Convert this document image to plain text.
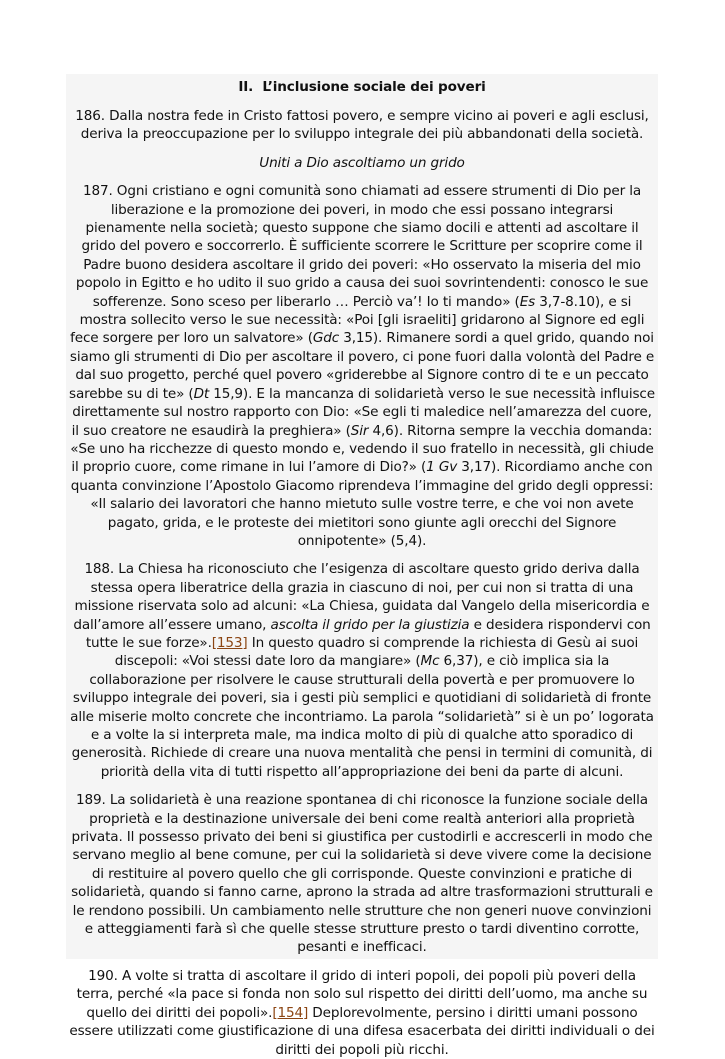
II. L’inclusione sociale dei poveri

186. Dalla nostra fede in Cristo fattosi povero, e sempre vicino ai poveri e agli esclusi, deriva la preoccupazione per lo sviluppo integrale dei più abbandonati della società.

Uniti a Dio ascoltiamo un grido

187. Ogni cristiano e ogni comunità sono chiamati ad essere strumenti di Dio per la liberazione e la promozione dei poveri, in modo che essi possano integrarsi pienamente nella società; questo suppone che siamo docili e attenti ad ascoltare il grido del povero e soccorrerlo. È sufficiente scorrere le Scritture per scoprire come il Padre buono desidera ascoltare il grido dei poveri: «Ho osservato la miseria del mio popolo in Egitto e ho udito il suo grido a causa dei suoi sovrintendenti: conosco le sue sofferenze. Sono sceso per liberarlo … Perciò va’! Io ti mando» (Es 3,7-8.10), e si mostra sollecito verso le sue necessità: «Poi [gli israeliti] gridarono al Signore ed egli fece sorgere per loro un salvatore» (Gdc 3,15). Rimanere sordi a quel grido, quando noi siamo gli strumenti di Dio per ascoltare il povero, ci pone fuori dalla volontà del Padre e dal suo progetto, perché quel povero «griderebbe al Signore contro di te e un peccato sarebbe su di te» (Dt 15,9). E la mancanza di solidarietà verso le sue necessità influisce direttamente sul nostro rapporto con Dio: «Se egli ti maledice nell’amarezza del cuore, il suo creatore ne esaudirà la preghiera» (Sir 4,6). Ritorna sempre la vecchia domanda: «Se uno ha ricchezze di questo mondo e, vedendo il suo fratello in necessità, gli chiude il proprio cuore, come rimane in lui l’amore di Dio?» (1 Gv 3,17). Ricordiamo anche con quanta convinzione l’Apostolo Giacomo riprendeva l’immagine del grido degli oppressi: «Il salario dei lavoratori che hanno mietuto sulle vostre terre, e che voi non avete pagato, grida, e le proteste dei mietitori sono giunte agli orecchi del Signore onnipotente» (5,4).

188. La Chiesa ha riconosciuto che l’esigenza di ascoltare questo grido deriva dalla stessa opera liberatrice della grazia in ciascuno di noi, per cui non si tratta di una missione riservata solo ad alcuni: «La Chiesa, guidata dal Vangelo della misericordia e dall’amore all’essere umano, ascolta il grido per la giustizia e desidera rispondervi con tutte le sue forze».[153] In questo quadro si comprende la richiesta di Gesù ai suoi discepoli: «Voi stessi date loro da mangiare» (Mc 6,37), e ciò implica sia la collaborazione per risolvere le cause strutturali della povertà e per promuovere lo sviluppo integrale dei poveri, sia i gesti più semplici e quotidiani di solidarietà di fronte alle miserie molto concrete che incontriamo. La parola “solidarietà” si è un po’ logorata e a volte la si interpreta male, ma indica molto di più di qualche atto sporadico di generosità. Richiede di creare una nuova mentalità che pensi in termini di comunità, di priorità della vita di tutti rispetto all’appropriazione dei beni da parte di alcuni.

189. La solidarietà è una reazione spontanea di chi riconosce la funzione sociale della proprietà e la destinazione universale dei beni come realtà anteriori alla proprietà privata. Il possesso privato dei beni si giustifica per custodirli e accrescerli in modo che servano meglio al bene comune, per cui la solidarietà si deve vivere come la decisione di restituire al povero quello che gli corrisponde. Queste convinzioni e pratiche di solidarietà, quando si fanno carne, aprono la strada ad altre trasformazioni strutturali e le rendono possibili. Un cambiamento nelle strutture che non generi nuove convinzioni e atteggiamenti farà sì che quelle stesse strutture presto o tardi diventino corrotte, pesanti e inefficaci.

190. A volte si tratta di ascoltare il grido di interi popoli, dei popoli più poveri della terra, perché «la pace si fonda non solo sul rispetto dei diritti dell’uomo, ma anche su quello dei diritti dei popoli».[154] Deplorevolmente, persino i diritti umani possono essere utilizzati come giustificazione di una difesa esacerbata dei diritti individuali o dei diritti dei popoli più ricchi.
